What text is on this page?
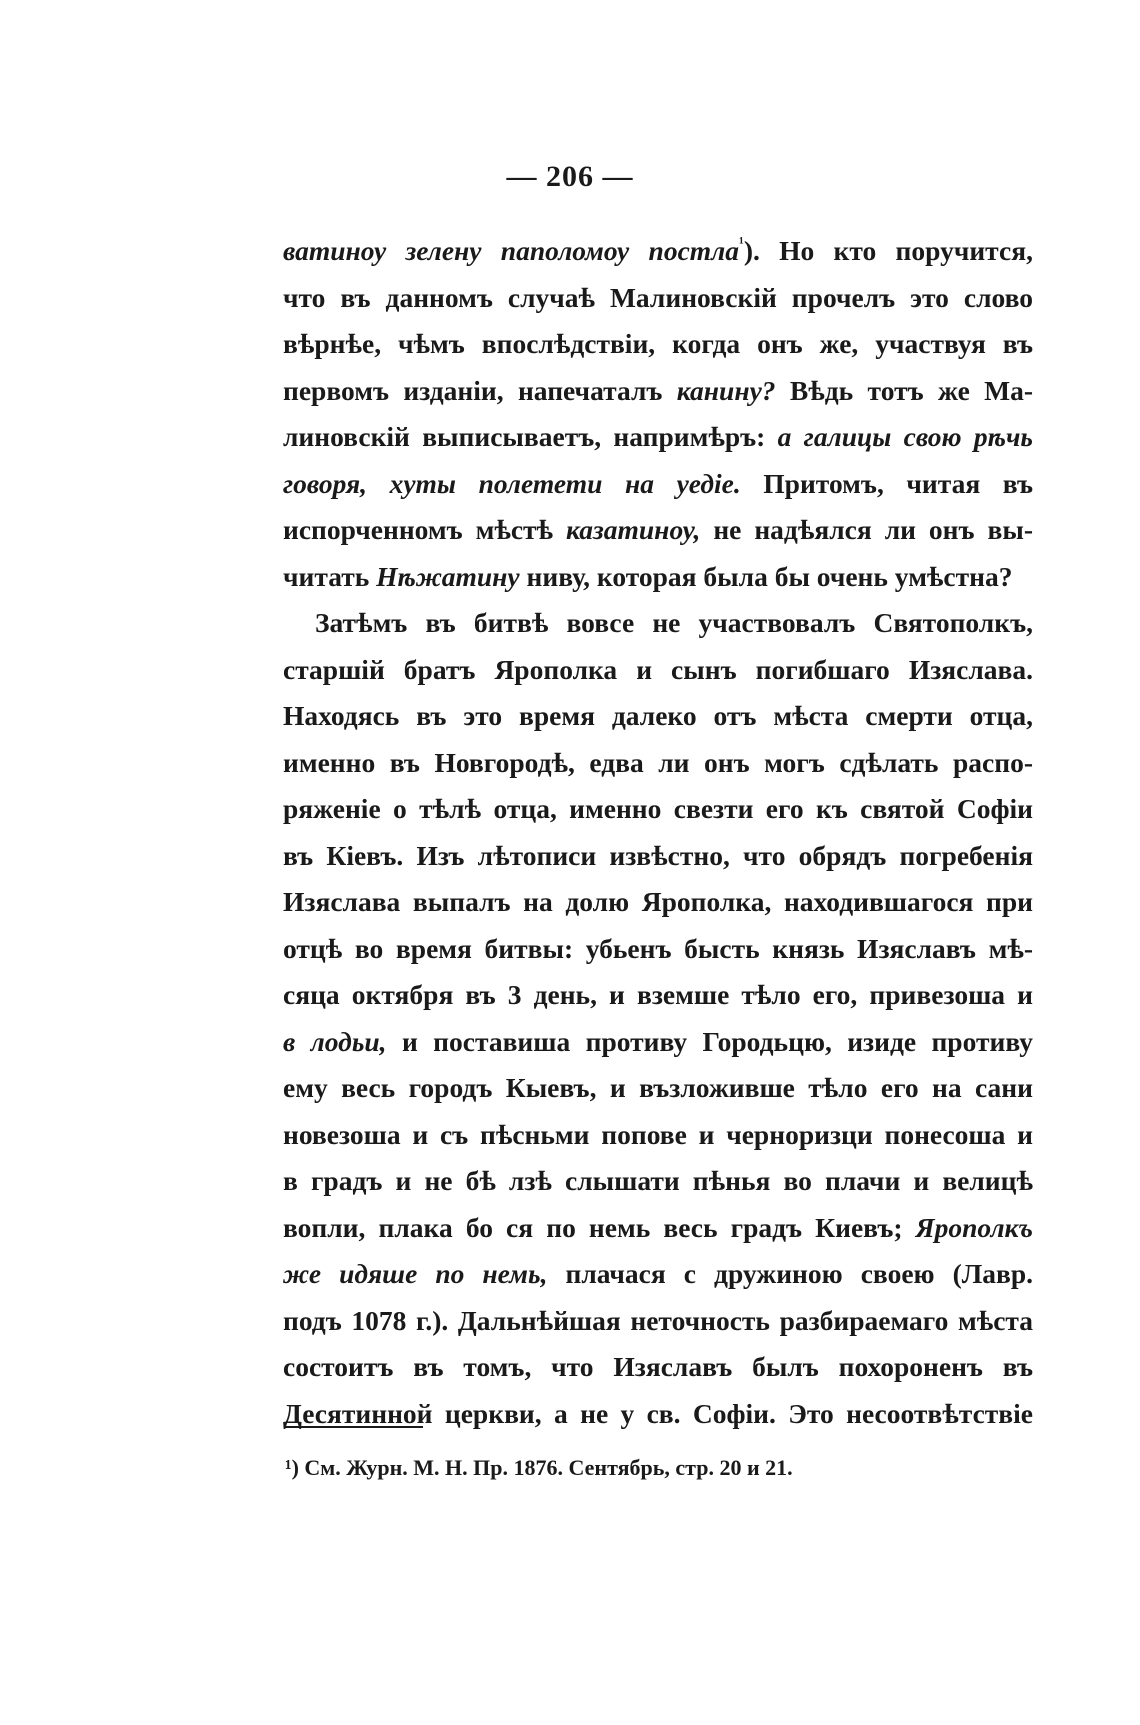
— 206 —
ватиноу зелену паполомоу постла$^{^1}$). Но кто поручится,
что въ данномъ случаѣ Малиновскій прочелъ это слово
вѣрнѣе, чѣмъ впослѣдствіи, когда онъ же, участвуя въ
первомъ изданіи, напечаталъ канину? Вѣдь тотъ же Ма-
линовскій выписываетъ, напримѣръ: а галицы свою рѣчь
говоря, хуты полетети на уедіе. Притомъ, читая въ
испорченномъ мѣстѣ казатиноу, не надѣялся ли онъ вы-
читать Нѣжатину ниву, которая была бы очень умѣстна?
Затѣмъ въ битвѣ вовсе не участвовалъ Святополкъ,
старшій братъ Ярополка и сынъ погибшаго Изяслава.
Находясь въ это время далеко отъ мѣста смерти отца,
именно въ Новгородѣ, едва ли онъ могъ сдѣлать распо-
ряженіе о тѣлѣ отца, именно свезти его къ святой Софіи
въ Кіевъ. Изъ лѣтописи извѣстно, что обрядъ погребенія
Изяслава выпалъ на долю Ярополка, находившагося при
отцѣ во время битвы: убьенъ бысть князь Изяславъ мѣ-
сяца октября въ 3 день, и вземше тѣло его, привезоша и
в лодьи, и поставиша противу Городьцю, изиде противу
ему весь городъ Кыевъ, и възложивше тѣло его на сани
новезоша и съ пѣсньми попове и черноризци понесоша и
в градъ и не бѣ лзѣ слышати пѣнья во плачи и велицѣ
вопли, плака бо ся по немь весь градъ Киевъ; Ярополкъ
же идяше по немь, плачася с дружиною своею (Лавр.
подъ 1078 г.). Дальнѣйшая неточность разбираемаго мѣста
состоитъ въ томъ, что Изяславъ былъ похороненъ въ
Десятинной церкви, а не у св. Софіи. Это несоотвѣтствіе
¹) См. Журн. М. Н. Пр. 1876. Сентябрь, стр. 20 и 21.
